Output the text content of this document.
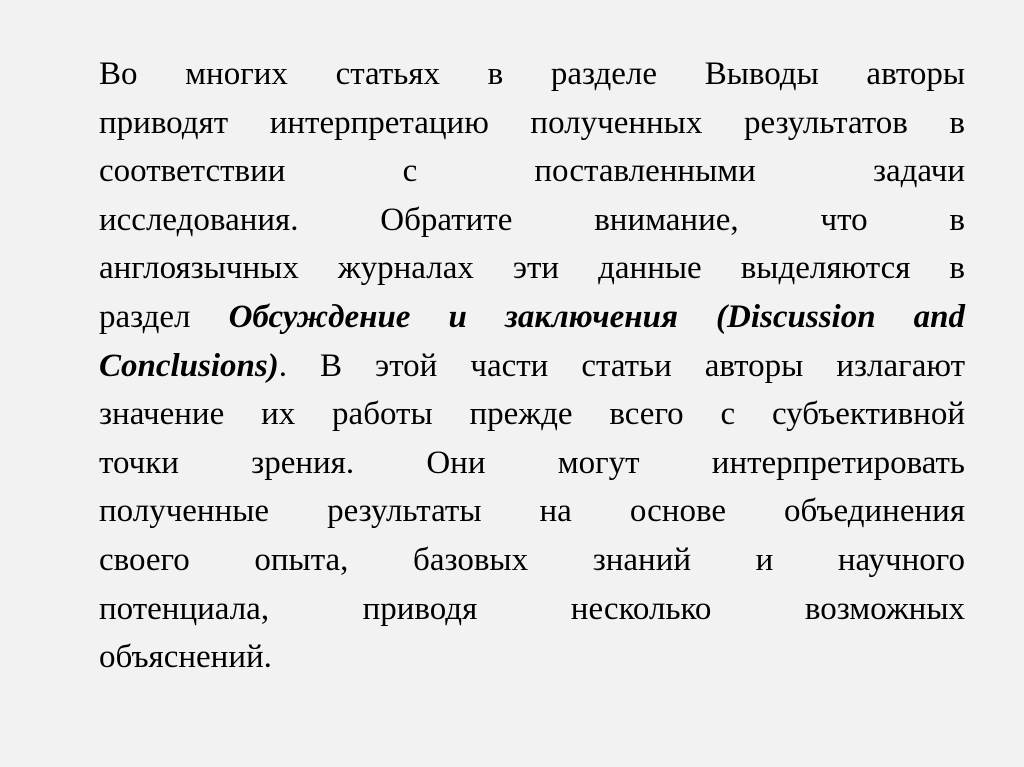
Во многих статьях в разделе Выводы авторы
приводят интерпретацию полученных результатов в
соответствии с поставленными задачи
исследования. Обратите внимание, что в
англоязычных журналах эти данные выделяются в
раздел Обсуждение и заключения (Discussion and
Conclusions). В этой части статьи авторы излагают
значение их работы прежде всего с субъективной
точки зрения. Они могут интерпретировать
полученные результаты на основе объединения
своего опыта, базовых знаний и научного
потенциала, приводя несколько возможных
объяснений.
